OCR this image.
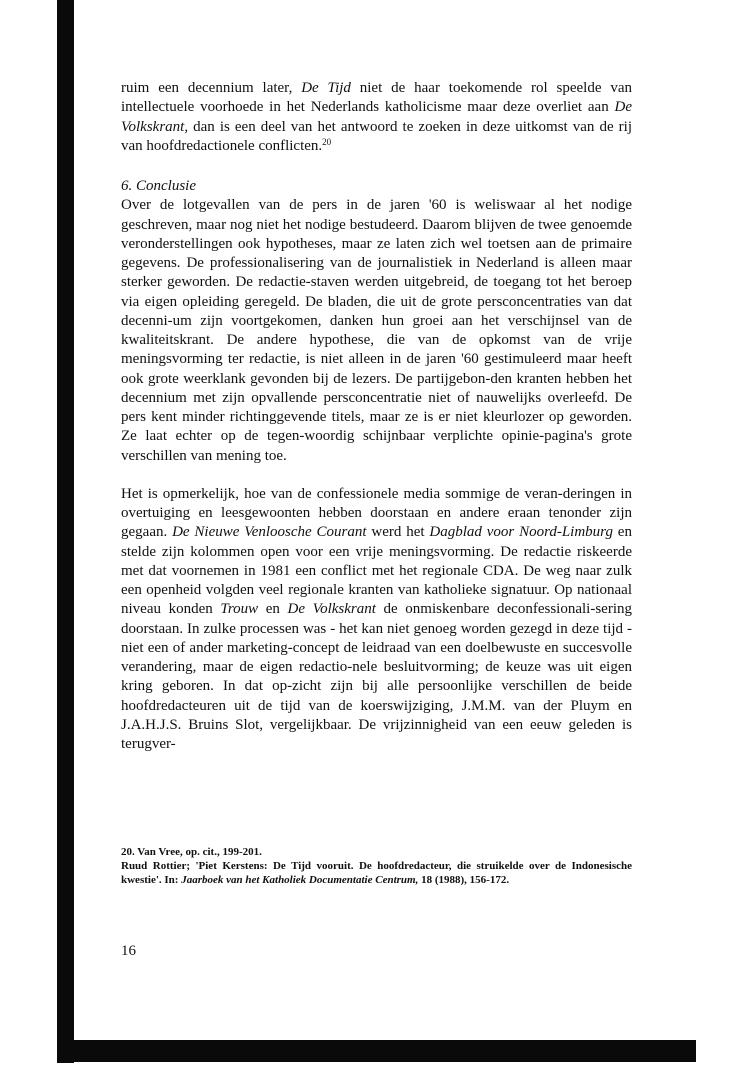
ruim een decennium later, De Tijd niet de haar toekomende rol speelde van intellectuele voorhoede in het Nederlands katholicisme maar deze overliet aan De Volkskrant, dan is een deel van het antwoord te zoeken in deze uitkomst van de rij van hoofdredactionele conflicten.$^{20}$

6. Conclusie

Over de lotgevallen van de pers in de jaren '60 is weliswaar al het nodige geschreven, maar nog niet het nodige bestudeerd. Daarom blijven de twee genoemde veronderstellingen ook hypotheses, maar ze laten zich wel toetsen aan de primaire gegevens. De professionalisering van de journalistiek in Nederland is alleen maar sterker geworden. De redactie-staven werden uitgebreid, de toegang tot het beroep via eigen opleiding geregeld. De bladen, die uit de grote persconcentraties van dat decenni-um zijn voortgekomen, danken hun groei aan het verschijnsel van de kwaliteitskrant. De andere hypothese, die van de opkomst van de vrije meningsvorming ter redactie, is niet alleen in de jaren '60 gestimuleerd maar heeft ook grote weerklank gevonden bij de lezers. De partijgebon-den kranten hebben het decennium met zijn opvallende persconcentratie niet of nauwelijks overleefd. De pers kent minder richtinggevende titels, maar ze is er niet kleurlozer op geworden. Ze laat echter op de tegen-woordig schijnbaar verplichte opinie-pagina's grote verschillen van mening toe.

Het is opmerkelijk, hoe van de confessionele media sommige de veran-deringen in overtuiging en leesgewoonten hebben doorstaan en andere eraan tenonder zijn gegaan. De Nieuwe Venloosche Courant werd het Dagblad voor Noord-Limburg en stelde zijn kolommen open voor een vrije meningsvorming. De redactie riskeerde met dat voornemen in 1981 een conflict met het regionale CDA. De weg naar zulk een openheid volgden veel regionale kranten van katholieke signatuur. Op nationaal niveau konden Trouw en De Volkskrant de onmiskenbare deconfessionali-sering doorstaan. In zulke processen was - het kan niet genoeg worden gezegd in deze tijd - niet een of ander marketing-concept de leidraad van een doelbewuste en succesvolle verandering, maar de eigen redactio-nele besluitvorming; de keuze was uit eigen kring geboren. In dat op-zicht zijn bij alle persoonlijke verschillen de beide hoofdredacteuren uit de tijd van de koerswijziging, J.M.M. van der Pluym en J.A.H.J.S. Bruins Slot, vergelijkbaar. De vrijzinnigheid van een eeuw geleden is terugver-

20. Van Vree, op. cit., 199-201.

Ruud Rottier; 'Piet Kerstens: De Tijd vooruit. De hoofdredacteur, die struikelde over de Indonesische kwestie'. In: Jaarboek van het Katholiek Documentatie Centrum, 18 (1988), 156-172.

16
